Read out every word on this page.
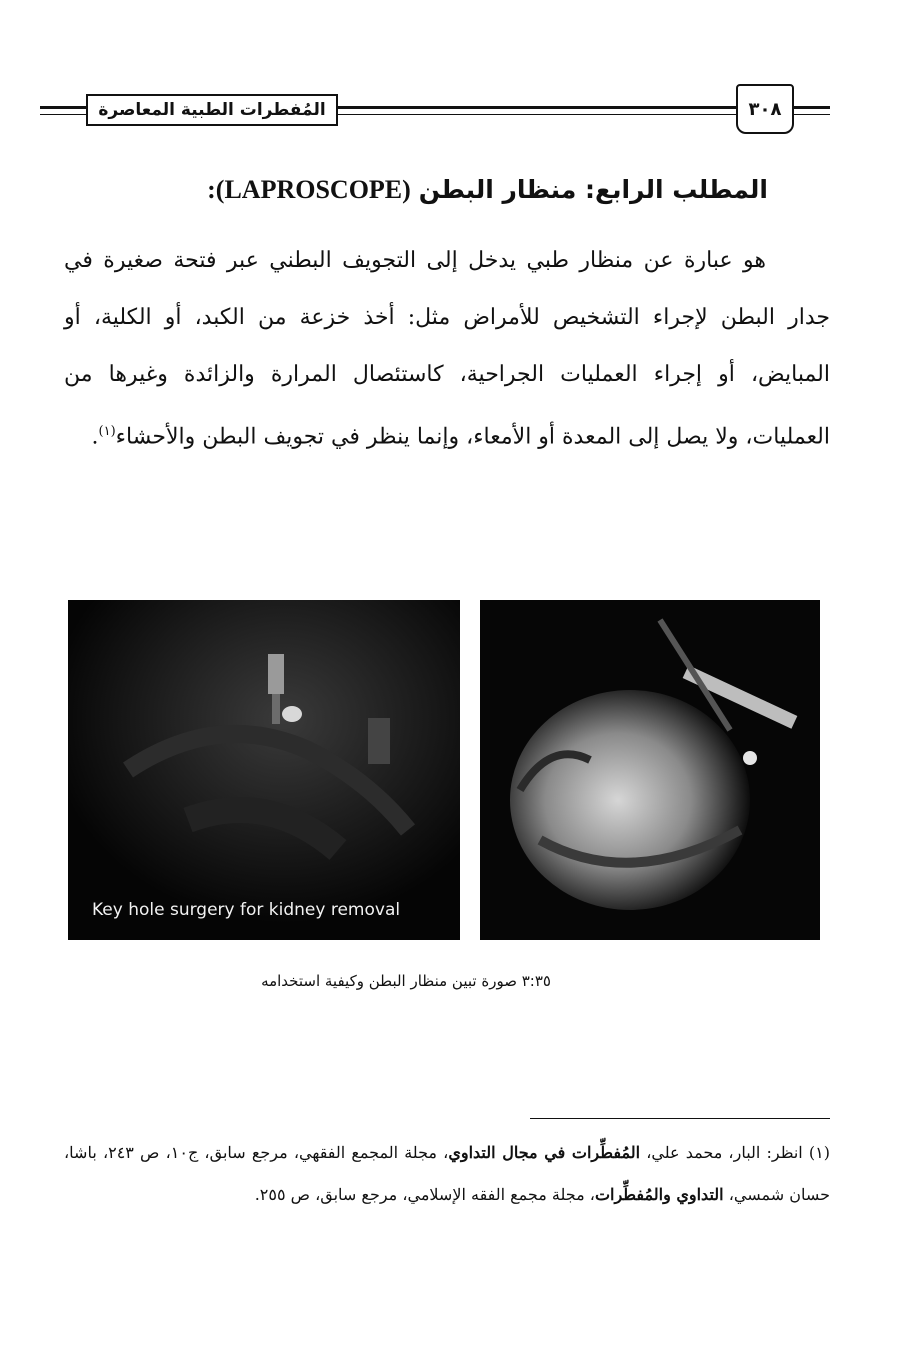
المُفطرات الطبية المعاصرة	٣٠٨
المطلب الرابع: منظار البطن (LAPROSCOPE):
هو عبارة عن منظار طبي يدخل إلى التجويف البطني عبر فتحة صغيرة في جدار البطن لإجراء التشخيص للأمراض مثل: أخذ خزعة من الكبد، أو الكلية، أو المبايض، أو إجراء العمليات الجراحية، كاستئصال المرارة والزائدة وغيرها من العمليات، ولا يصل إلى المعدة أو الأمعاء، وإنما ينظر في تجويف البطن والأحشاء$^{(١)}$.
Key hole surgery for kidney removal
٣:٣٥ صورة تبين منظار البطن وكيفية استخدامه
(١) انظر: البار، محمد علي، المُفطِّرات في مجال التداوي، مجلة المجمع الفقهي، مرجع سابق، ج١٠، ص ٢٤٣، باشا، حسان شمسي، التداوي والمُفطِّرات، مجلة مجمع الفقه الإسلامي، مرجع سابق، ص ٢٥٥.
